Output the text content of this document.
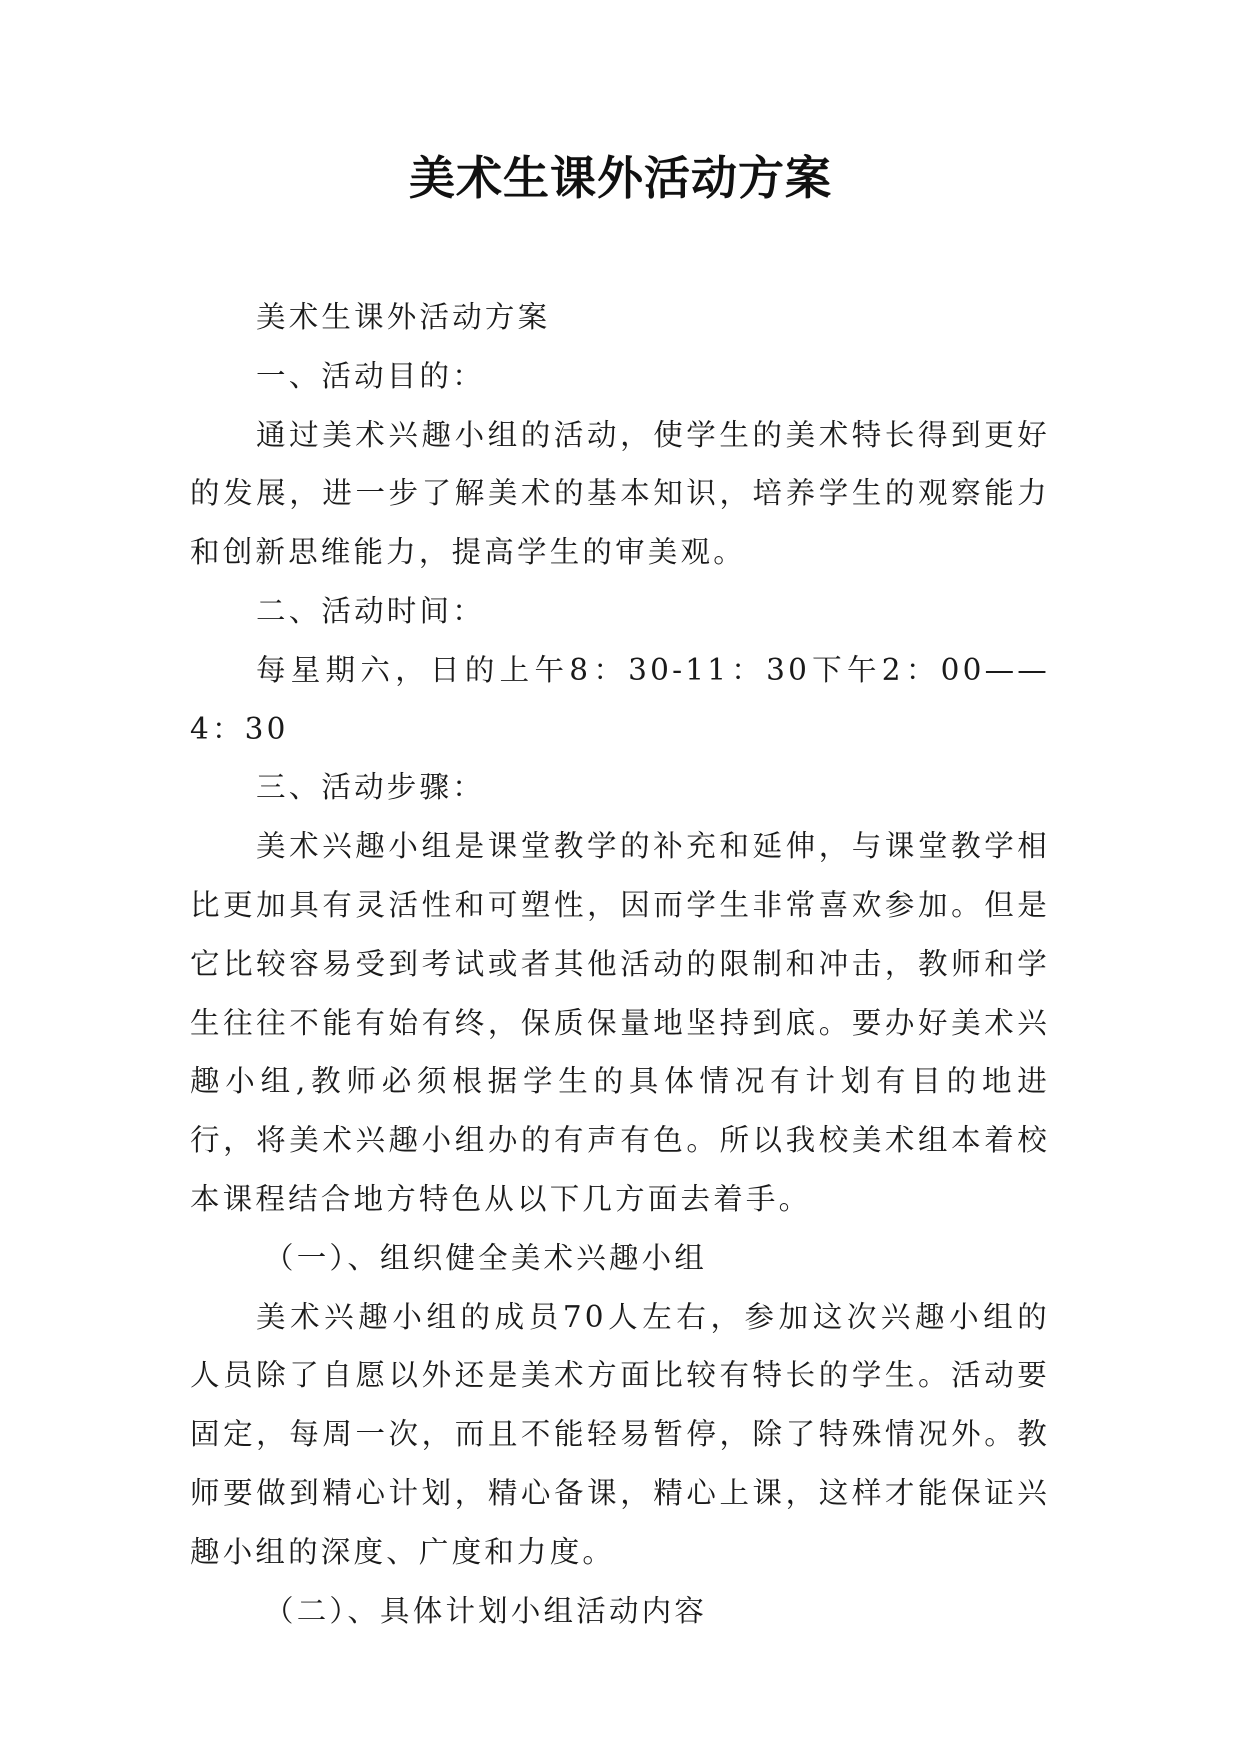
美术生课外活动方案

美术生课外活动方案

一、活动目的：

通过美术兴趣小组的活动，使学生的美术特长得到更好的发展，进一步了解美术的基本知识，培养学生的观察能力和创新思维能力，提高学生的审美观。

二、活动时间：

每星期六，日的上午8：30-11：30下午2：00——4：30

三、活动步骤：

美术兴趣小组是课堂教学的补充和延伸，与课堂教学相比更加具有灵活性和可塑性，因而学生非常喜欢参加。但是它比较容易受到考试或者其他活动的限制和冲击，教师和学生往往不能有始有终，保质保量地坚持到底。要办好美术兴趣小组,教师必须根据学生的具体情况有计划有目的地进行，将美术兴趣小组办的有声有色。所以我校美术组本着校本课程结合地方特色从以下几方面去着手。

（一）、组织健全美术兴趣小组

美术兴趣小组的成员70人左右，参加这次兴趣小组的人员除了自愿以外还是美术方面比较有特长的学生。活动要固定，每周一次，而且不能轻易暂停，除了特殊情况外。教师要做到精心计划，精心备课，精心上课，这样才能保证兴趣小组的深度、广度和力度。

（二）、具体计划小组活动内容
